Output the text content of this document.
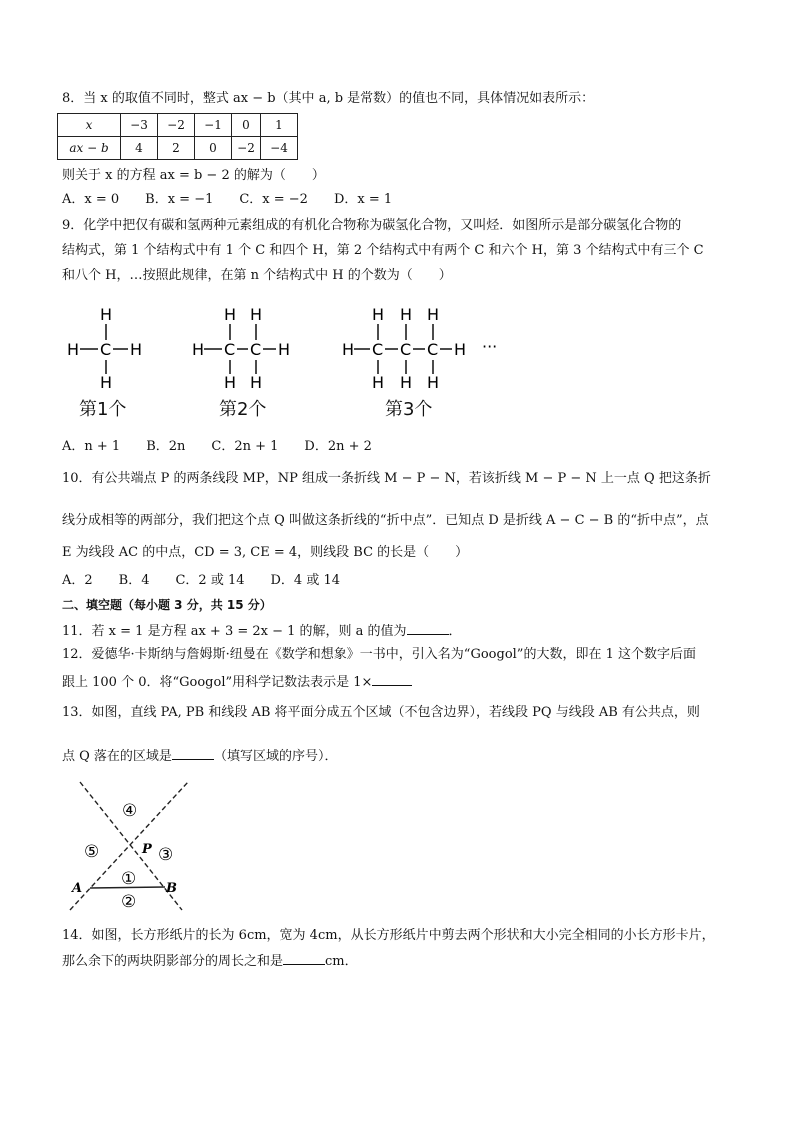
8．当 x 的取值不同时，整式 ax − b（其中 a, b 是常数）的值也不同，具体情况如表所示：
x	−3	−2	−1	0	1
ax − b	4	2	0	−2	−4
则关于 x 的方程 ax = b − 2 的解为（　　）
A．x = 0　　B．x = −1　　C．x = −2　　D．x = 1
9．化学中把仅有碳和氢两种元素组成的有机化合物称为碳氢化合物，又叫烃．如图所示是部分碳氢化合物的
结构式，第 1 个结构式中有 1 个 C 和四个 H，第 2 个结构式中有两个 C 和六个 H，第 3 个结构式中有三个 C
和八个 H，…按照此规律，在第 n 个结构式中 H 的个数为（　　）
H
H C H
H
第1个
H H
H C C H
H H
第2个
H H H
H C C C H ···
H H H
第3个
A．n + 1　　B．2n　　C．2n + 1　　D．2n + 2
10．有公共端点 P 的两条线段 MP，NP 组成一条折线 M − P − N，若该折线 M − P − N 上一点 Q 把这条折
线分成相等的两部分，我们把这个点 Q 叫做这条折线的“折中点”．已知点 D 是折线 A − C − B 的“折中点”，点
E 为线段 AC 的中点，CD = 3, CE = 4，则线段 BC 的长是（　　）
A．2　　B．4　　C．2 或 14　　D．4 或 14
二、填空题（每小题 3 分，共 15 分）
11．若 x = 1 是方程 ax + 3 = 2x − 1 的解，则 a 的值为	．
12．爱德华·卡斯纳与詹姆斯·纽曼在《数学和想象》一书中，引入名为“Googol”的大数，即在 1 这个数字后面
跟上 100 个 0．将“Googol”用科学记数法表示是 1×
13．如图，直线 PA, PB 和线段 AB 将平面分成五个区域（不包含边界），若线段 PQ 与线段 AB 有公共点，则
点 Q 落在的区域是	（填写区域的序号）．
④
⑤	③
①
②
P
A	B
14．如图，长方形纸片的长为 6cm，宽为 4cm，从长方形纸片中剪去两个形状和大小完全相同的小长方形卡片，
那么余下的两块阴影部分的周长之和是	cm．
